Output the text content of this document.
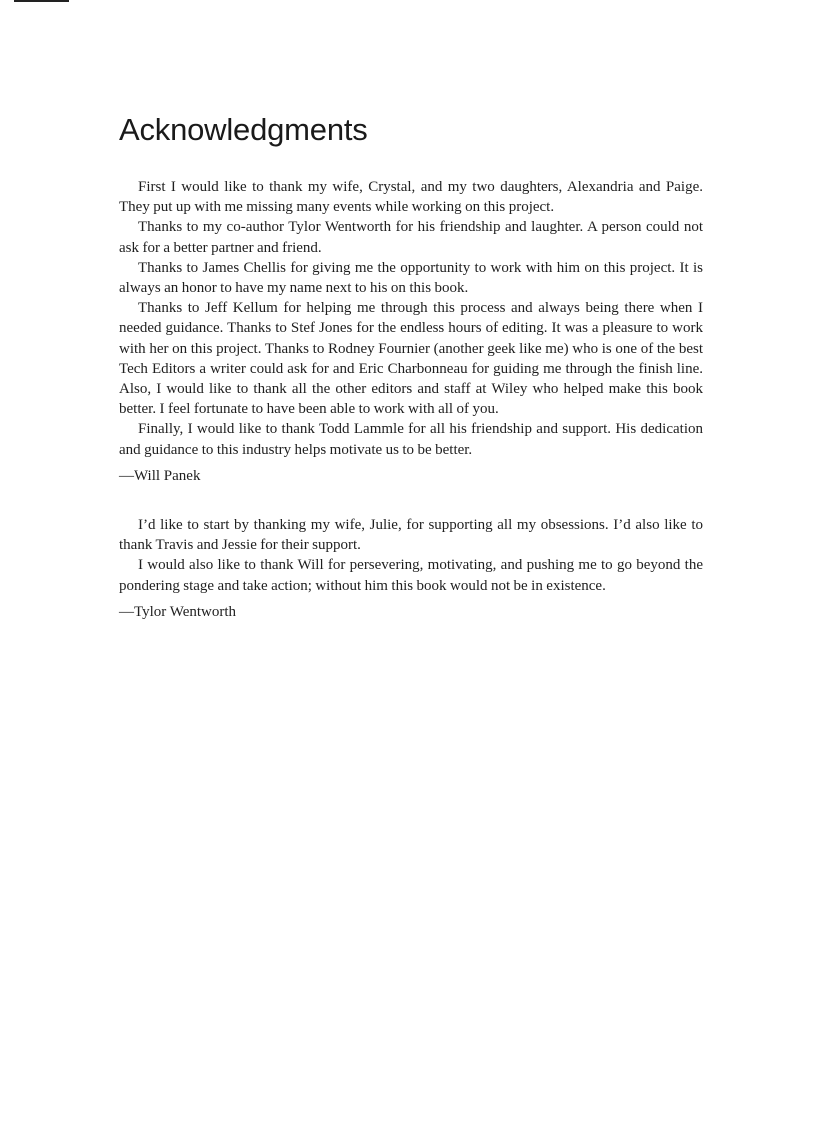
Acknowledgments

First I would like to thank my wife, Crystal, and my two daughters, Alexandria and Paige. They put up with me missing many events while working on this project.

Thanks to my co-author Tylor Wentworth for his friendship and laughter. A person could not ask for a better partner and friend.

Thanks to James Chellis for giving me the opportunity to work with him on this project. It is always an honor to have my name next to his on this book.

Thanks to Jeff Kellum for helping me through this process and always being there when I needed guidance. Thanks to Stef Jones for the endless hours of editing. It was a pleasure to work with her on this project. Thanks to Rodney Fournier (another geek like me) who is one of the best Tech Editors a writer could ask for and Eric Charbonneau for guiding me through the finish line. Also, I would like to thank all the other editors and staff at Wiley who helped make this book better. I feel fortunate to have been able to work with all of you.

Finally, I would like to thank Todd Lammle for all his friendship and support. His dedication and guidance to this industry helps motivate us to be better.

—Will Panek

I’d like to start by thanking my wife, Julie, for supporting all my obsessions. I’d also like to thank Travis and Jessie for their support.

I would also like to thank Will for persevering, motivating, and pushing me to go beyond the pondering stage and take action; without him this book would not be in existence.

—Tylor Wentworth
